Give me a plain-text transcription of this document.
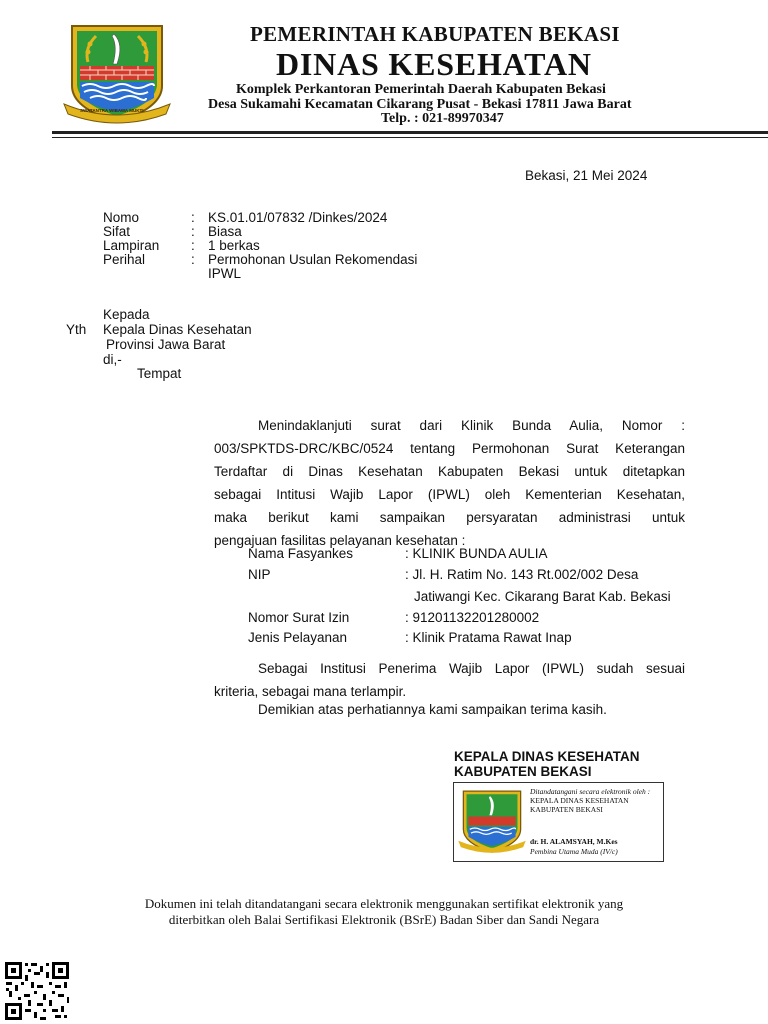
SWATANTRA WIBAWA MUKTI
PEMERINTAH KABUPATEN BEKASI
DINAS KESEHATAN
Komplek Perkantoran Pemerintah Daerah Kabupaten Bekasi
Desa Sukamahi Kecamatan Cikarang Pusat - Bekasi 17811 Jawa Barat
Telp. : 021-89970347
Bekasi, 21 Mei 2024
Nomo	: KS.01.01/07832 /Dinkes/2024
Sifat	: Biasa
Lampiran : 1 berkas
Perihal	: Permohonan Usulan Rekomendasi
IPWL
Kepada
Yth Kepala Dinas Kesehatan
Provinsi Jawa Barat
di,-
Tempat
Menindaklanjuti surat dari Klinik Bunda Aulia, Nomor :
003/SPKTDS-DRC/KBC/0524 tentang Permohonan Surat Keterangan
Terdaftar di Dinas Kesehatan Kabupaten Bekasi untuk ditetapkan
sebagai Intitusi Wajib Lapor (IPWL) oleh Kementerian Kesehatan,
maka berikut kami sampaikan persyaratan administrasi untuk
pengajuan fasilitas pelayanan kesehatan :
Nama Fasyankes	: KLINIK BUNDA AULIA
NIP	: Jl. H. Ratim No. 143 Rt.002/002 Desa
Jatiwangi Kec. Cikarang Barat Kab. Bekasi
Nomor Surat Izin	: 91201132201280002
Jenis Pelayanan	: Klinik Pratama Rawat Inap
Sebagai Institusi Penerima Wajib Lapor (IPWL) sudah sesuai
kriteria, sebagai mana terlampir.
Demikian atas perhatiannya kami sampaikan terima kasih.
KEPALA DINAS KESEHATAN
KABUPATEN BEKASI
Ditandatangani secara elektronik oleh :
KEPALA DINAS KESEHATAN
KABUPATEN BEKASI
dr. H. ALAMSYAH, M.Kes
Pembina Utama Muda (IV/c)
Dokumen ini telah ditandatangani secara elektronik menggunakan sertifikat elektronik yang
diterbitkan oleh Balai Sertifikasi Elektronik (BSrE) Badan Siber dan Sandi Negara
